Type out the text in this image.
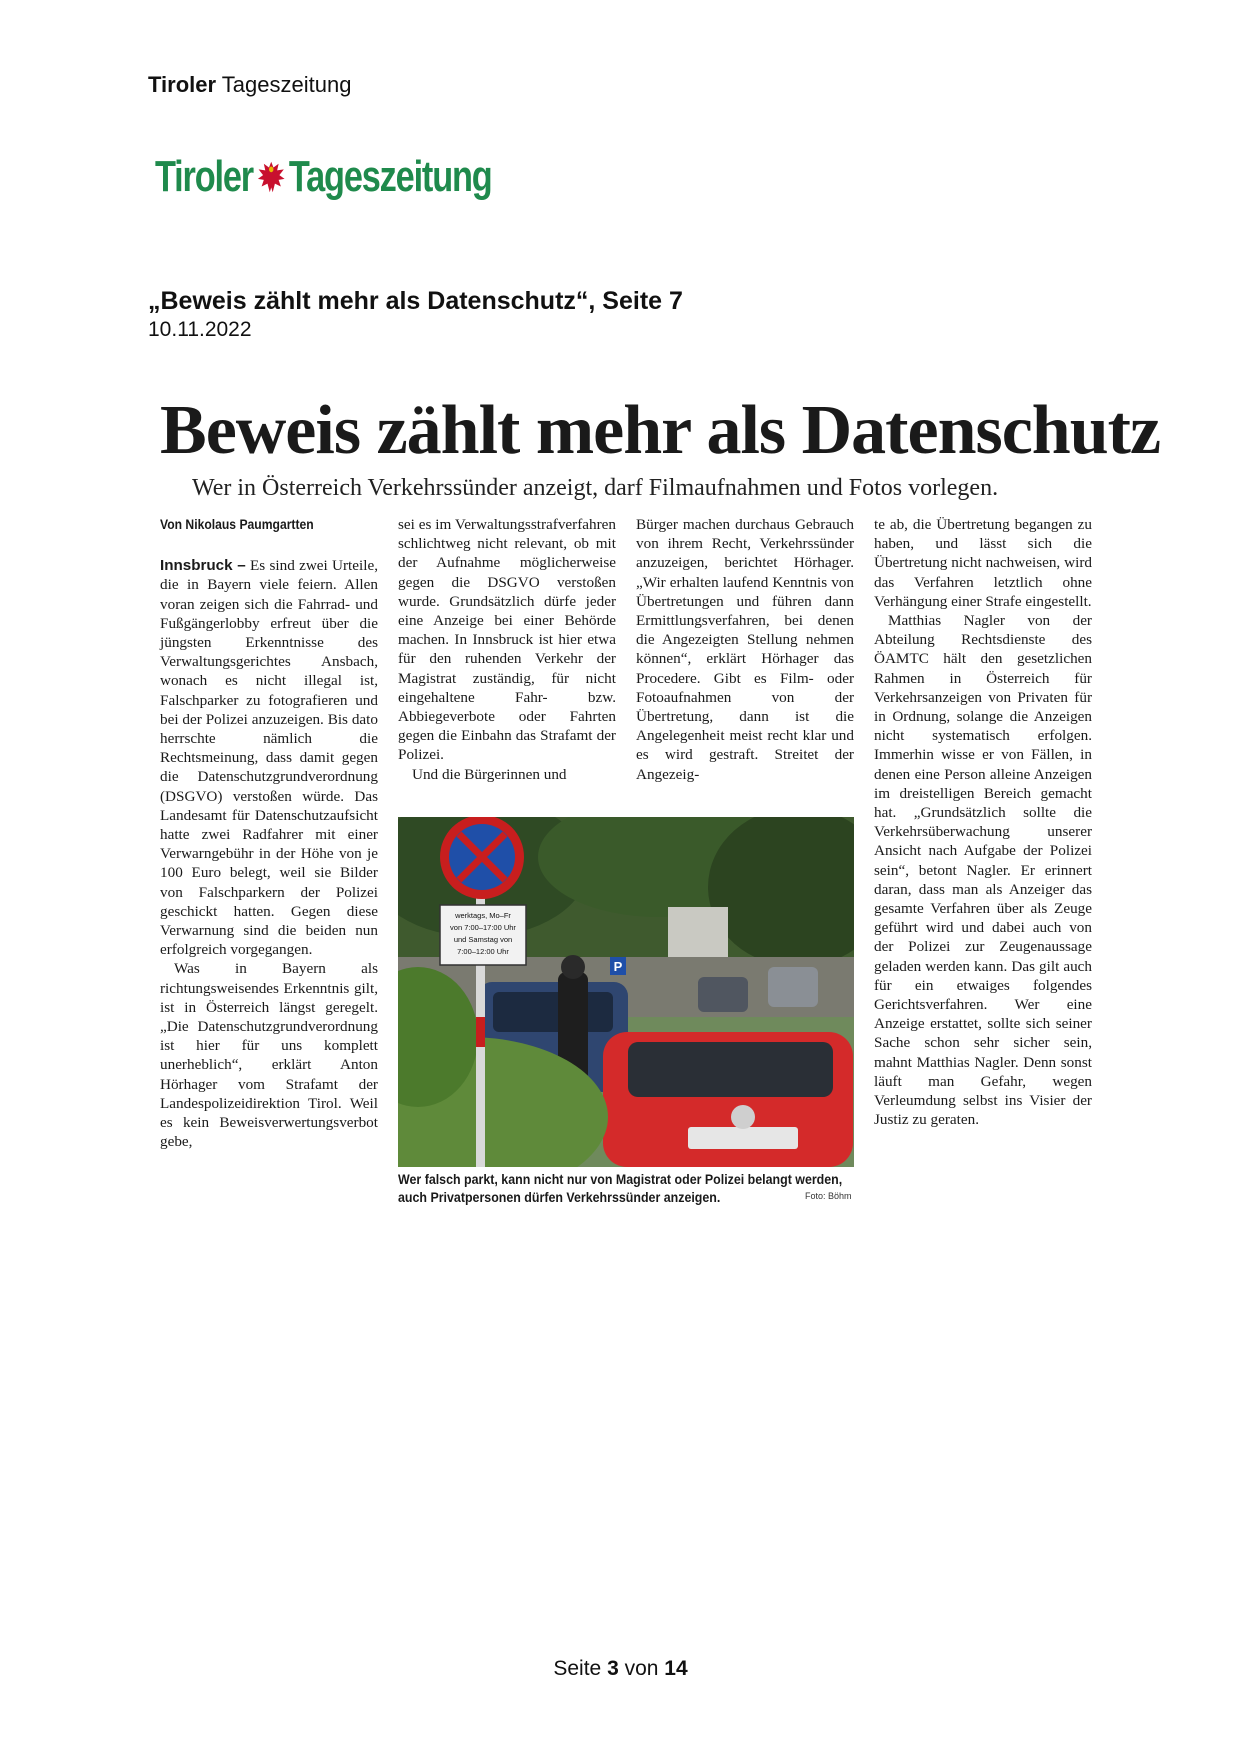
Tiroler Tageszeitung
Tiroler Tageszeitung
„Beweis zählt mehr als Datenschutz“, Seite 7
10.11.2022
Beweis zählt mehr als Datenschutz
Wer in Österreich Verkehrssünder anzeigt, darf Filmaufnahmen und Fotos vorlegen.
Von Nikolaus Paumgartten

Innsbruck – Es sind zwei Urteile, die in Bayern viele feiern. Allen voran zeigen sich die Fahrrad- und Fußgängerlobby erfreut über die jüngsten Erkenntnisse des Verwaltungsgerichtes Ansbach, wonach es nicht illegal ist, Falschparker zu fotografieren und bei der Polizei anzuzeigen. Bis dato herrschte nämlich die Rechtsmeinung, dass damit gegen die Datenschutzgrundverordnung (DSGVO) verstoßen würde. Das Landesamt für Datenschutzaufsicht hatte zwei Radfahrer mit einer Verwarngebühr in der Höhe von je 100 Euro belegt, weil sie Bilder von Falschparkern der Polizei geschickt hatten. Gegen diese Verwarnung sind die beiden nun erfolgreich vorgegangen.

Was in Bayern als richtungsweisendes Erkenntnis gilt, ist in Österreich längst geregelt. „Die Datenschutzgrundverordnung ist hier für uns komplett unerheblich“, erklärt Anton Hörhager vom Strafamt der Landespolizeidirektion Tirol. Weil es kein Beweisverwertungsverbot gebe,

sei es im Verwaltungsstrafverfahren schlichtweg nicht relevant, ob mit der Aufnahme möglicherweise gegen die DSGVO verstoßen wurde. Grundsätzlich dürfe jeder eine Anzeige bei einer Behörde machen. In Innsbruck ist hier etwa für den ruhenden Verkehr der Magistrat zuständig, für nicht eingehaltene Fahr- bzw. Abbiegeverbote oder Fahrten gegen die Einbahn das Strafamt der Polizei.

Und die Bürgerinnen und

Bürger machen durchaus Gebrauch von ihrem Recht, Verkehrssünder anzuzeigen, berichtet Hörhager. „Wir erhalten laufend Kenntnis von Übertretungen und führen dann Ermittlungsverfahren, bei denen die Angezeigten Stellung nehmen können“, erklärt Hörhager das Procedere. Gibt es Film- oder Fotoaufnahmen von der Übertretung, dann ist die Angelegenheit meist recht klar und es wird gestraft. Streitet der Angezeig-

te ab, die Übertretung begangen zu haben, und lässt sich die Übertretung nicht nachweisen, wird das Verfahren letztlich ohne Verhängung einer Strafe eingestellt.

Matthias Nagler von der Abteilung Rechtsdienste des ÖAMTC hält den gesetzlichen Rahmen in Österreich für Verkehrsanzeigen von Privaten für in Ordnung, solange die Anzeigen nicht systematisch erfolgen. Immerhin wisse er von Fällen, in denen eine Person alleine Anzeigen im dreistelligen Bereich gemacht hat. „Grundsätzlich sollte die Verkehrsüberwachung unserer Ansicht nach Aufgabe der Polizei sein“, betont Nagler. Er erinnert daran, dass man als Anzeiger das gesamte Verfahren über als Zeuge geführt wird und dabei auch von der Polizei zur Zeugenaussage geladen werden kann. Das gilt auch für ein etwaiges folgendes Gerichtsverfahren. Wer eine Anzeige erstattet, sollte sich seiner Sache schon sehr sicher sein, mahnt Matthias Nagler. Denn sonst läuft man Gefahr, wegen Verleumdung selbst ins Visier der Justiz zu geraten.

werktags, Mo–Fr
von 7:00–17:00 Uhr
und Samstag von
7:00–12:00 Uhr
P
Wer falsch parkt, kann nicht nur von Magistrat oder Polizei belangt werden, auch Privatpersonen dürfen Verkehrssünder anzeigen.	Foto: Böhm
Seite 3 von 14
